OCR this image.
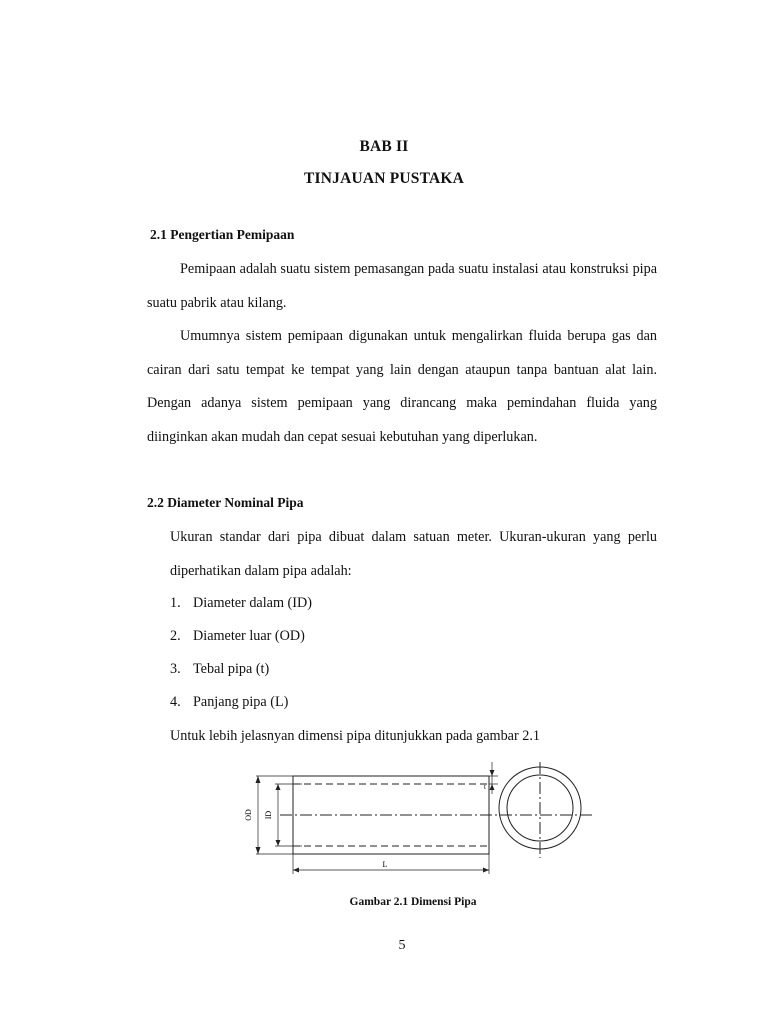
BAB II

TINJAUAN PUSTAKA

2.1 Pengertian Pemipaan

Pemipaan adalah suatu sistem pemasangan pada suatu instalasi atau konstruksi pipa suatu pabrik atau kilang.

Umumnya sistem pemipaan digunakan untuk mengalirkan fluida berupa gas dan cairan dari satu tempat ke tempat yang lain dengan ataupun tanpa bantuan alat lain. Dengan adanya sistem pemipaan yang dirancang maka pemindahan fluida yang diinginkan akan mudah dan cepat sesuai kebutuhan yang diperlukan.

2.2 Diameter Nominal Pipa

Ukuran standar dari pipa dibuat dalam satuan meter. Ukuran-ukuran yang perlu diperhatikan dalam pipa adalah:

1. Diameter dalam (ID)
2. Diameter luar (OD)
3. Tebal pipa (t)
4. Panjang pipa (L)

Untuk lebih jelasnyan dimensi pipa ditunjukkan pada gambar 2.1

OD ID
L
t

Gambar 2.1 Dimensi Pipa

5
